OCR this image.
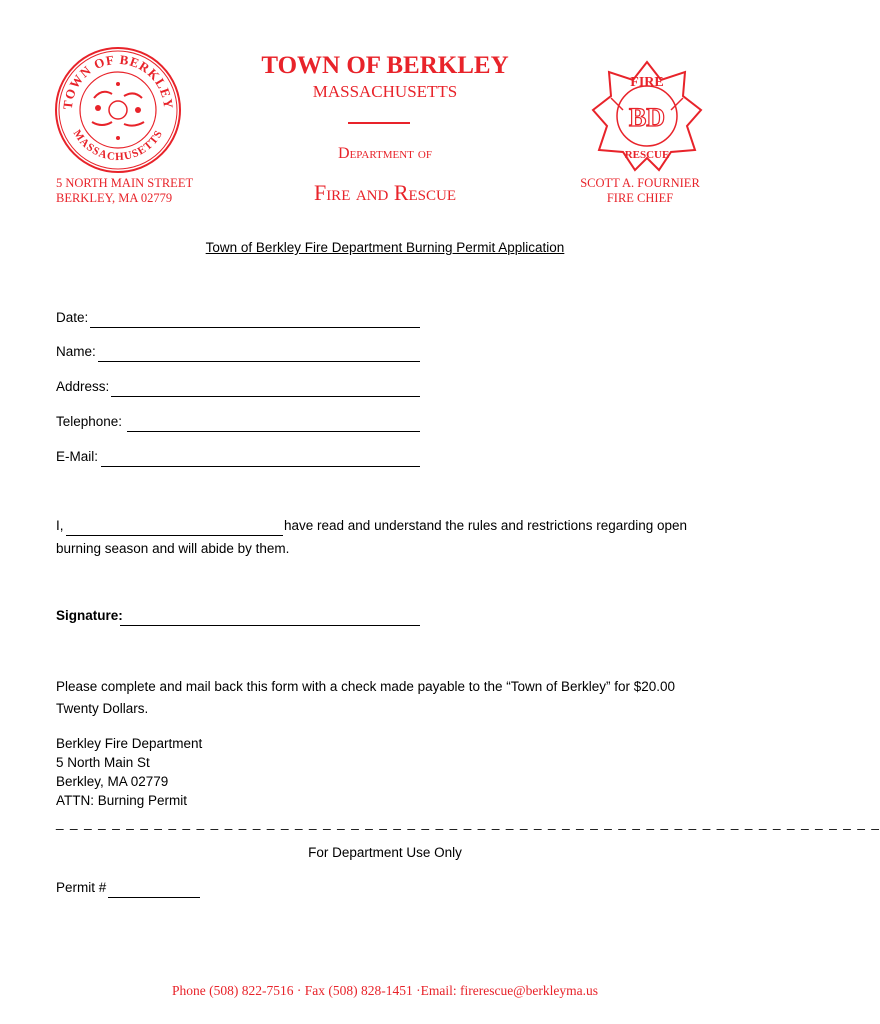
TOWN OF BERKLEY
MASSACHUSETTS
FIRE
RESCUE
BD
TOWN OF BERKLEY
MASSACHUSETTS
Department of
Fire and Rescue
5 NORTH MAIN STREET
BERKLEY, MA 02779
SCOTT A. FOURNIER
FIRE CHIEF
Town of Berkley Fire Department Burning Permit Application
Date:
Name:
Address:
Telephone:
E-Mail:
I,	have read and understand the rules and restrictions regarding open
burning season and will abide by them.
Signature:
Please complete and mail back this form with a check made payable to the “Town of Berkley” for $20.00
Twenty Dollars.
Berkley Fire Department
5 North Main St
Berkley, MA 02779
ATTN: Burning Permit
_ _ _ _ _ _ _ _ _ _ _ _ _ _ _ _ _ _ _ _ _ _ _ _ _ _ _ _ _ _ _ _ _ _ _ _ _ _ _ _ _ _ _ _ _ _ _ _ _ _ _ _ _ _ _ _ _ _ _
For Department Use Only
Permit #
Phone (508) 822-7516 · Fax (508) 828-1451 ·Email: firerescue@berkleyma.us
